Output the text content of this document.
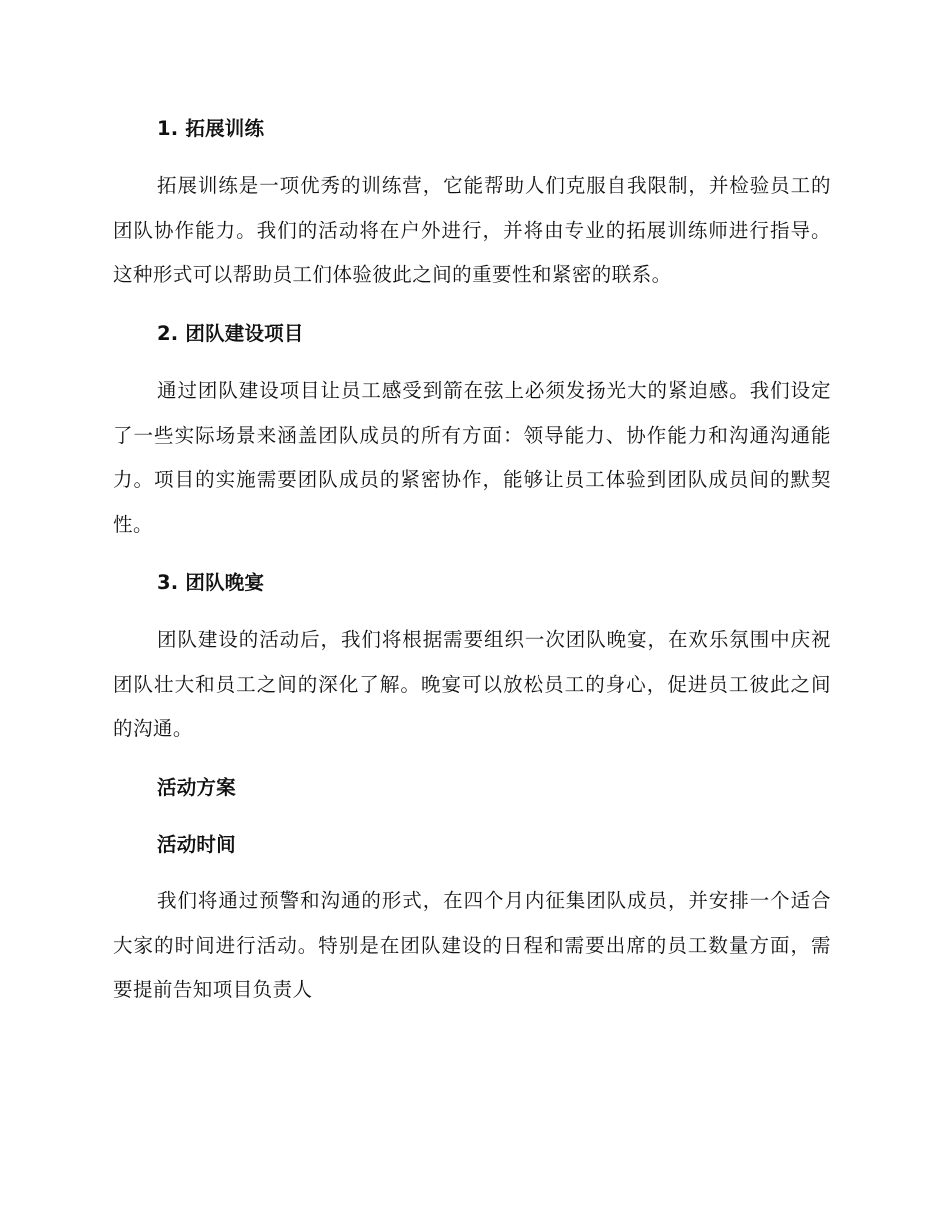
1. 拓展训练
拓展训练是一项优秀的训练营，它能帮助人们克服自我限制，并检验员工的团队协作能力。我们的活动将在户外进行，并将由专业的拓展训练师进行指导。这种形式可以帮助员工们体验彼此之间的重要性和紧密的联系。
2. 团队建设项目
通过团队建设项目让员工感受到箭在弦上必须发扬光大的紧迫感。我们设定了一些实际场景来涵盖团队成员的所有方面：领导能力、协作能力和沟通沟通能力。项目的实施需要团队成员的紧密协作，能够让员工体验到团队成员间的默契性。
3. 团队晚宴
团队建设的活动后，我们将根据需要组织一次团队晚宴，在欢乐氛围中庆祝团队壮大和员工之间的深化了解。晚宴可以放松员工的身心，促进员工彼此之间的沟通。
活动方案
活动时间
我们将通过预警和沟通的形式，在四个月内征集团队成员，并安排一个适合大家的时间进行活动。特别是在团队建设的日程和需要出席的员工数量方面，需要提前告知项目负责人
